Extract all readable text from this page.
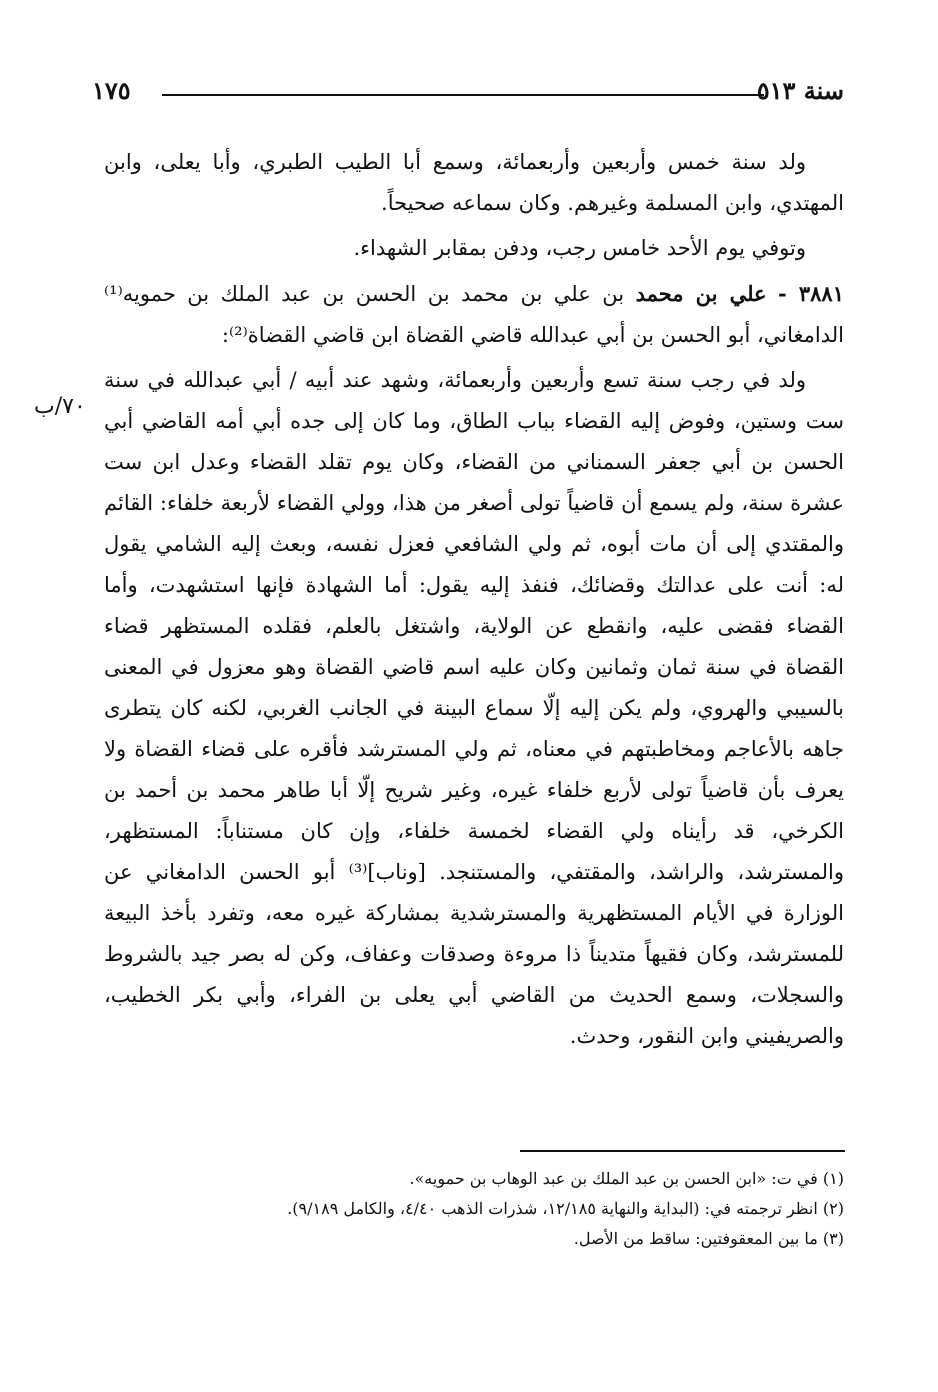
سنة ٥١٣
١٧٥

ولد سنة خمس وأربعين وأربعمائة، وسمع أبا الطيب الطبري، وأبا يعلى، وابن المهتدي، وابن المسلمة وغيرهم. وكان سماعه صحيحاً.

وتوفي يوم الأحد خامس رجب، ودفن بمقابر الشهداء.

٣٨٨١ - علي بن محمد بن علي بن محمد بن الحسن بن عبد الملك بن حمويه⁽¹⁾ الدامغاني، أبو الحسن بن أبي عبدالله قاضي القضاة ابن قاضي القضاة⁽²⁾:

ولد في رجب سنة تسع وأربعين وأربعمائة، وشهد عند أبيه / أبي عبدالله في سنة ست وستين، وفوض إليه القضاء بباب الطاق، وما كان إلى جده أبي أمه القاضي أبي الحسن بن أبي جعفر السمناني من القضاء، وكان يوم تقلد القضاء وعدل ابن ست عشرة سنة، ولم يسمع أن قاضياً تولى أصغر من هذا، وولي القضاء لأربعة خلفاء: القائم والمقتدي إلى أن مات أبوه، ثم ولي الشافعي فعزل نفسه، وبعث إليه الشامي يقول له: أنت على عدالتك وقضائك، فنفذ إليه يقول: أما الشهادة فإنها استشهدت، وأما القضاء فقضى عليه، وانقطع عن الولاية، واشتغل بالعلم، فقلده المستظهر قضاء القضاة في سنة ثمان وثمانين وكان عليه اسم قاضي القضاة وهو معزول في المعنى بالسيبي والهروي، ولم يكن إليه إلّا سماع البينة في الجانب الغربي، لكنه كان يتطرى جاهه بالأعاجم ومخاطبتهم في معناه، ثم ولي المسترشد فأقره على قضاء القضاة ولا يعرف بأن قاضياً تولى لأربع خلفاء غيره، وغير شريح إلّا أبا طاهر محمد بن أحمد بن الكرخي، قد رأيناه ولي القضاء لخمسة خلفاء، وإن كان مستناباً: المستظهر، والمسترشد، والراشد، والمقتفي، والمستنجد. [وناب]⁽³⁾ أبو الحسن الدامغاني عن الوزارة في الأيام المستظهرية والمسترشدية بمشاركة غيره معه، وتفرد بأخذ البيعة للمسترشد، وكان فقيهاً متديناً ذا مروءة وصدقات وعفاف، وكن له بصر جيد بالشروط والسجلات، وسمع الحديث من القاضي أبي يعلى بن الفراء، وأبي بكر الخطيب، والصريفيني وابن النقور، وحدث.

٧٠/ب

(١) في ت: «ابن الحسن بن عبد الملك بن عبد الوهاب بن حمويه».

(٢) انظر ترجمته في: (البداية والنهاية ١٢/١٨٥، شذرات الذهب ٤/٤٠، والكامل ٩/١٨٩).

(٣) ما بين المعقوفتين: ساقط من الأصل.
